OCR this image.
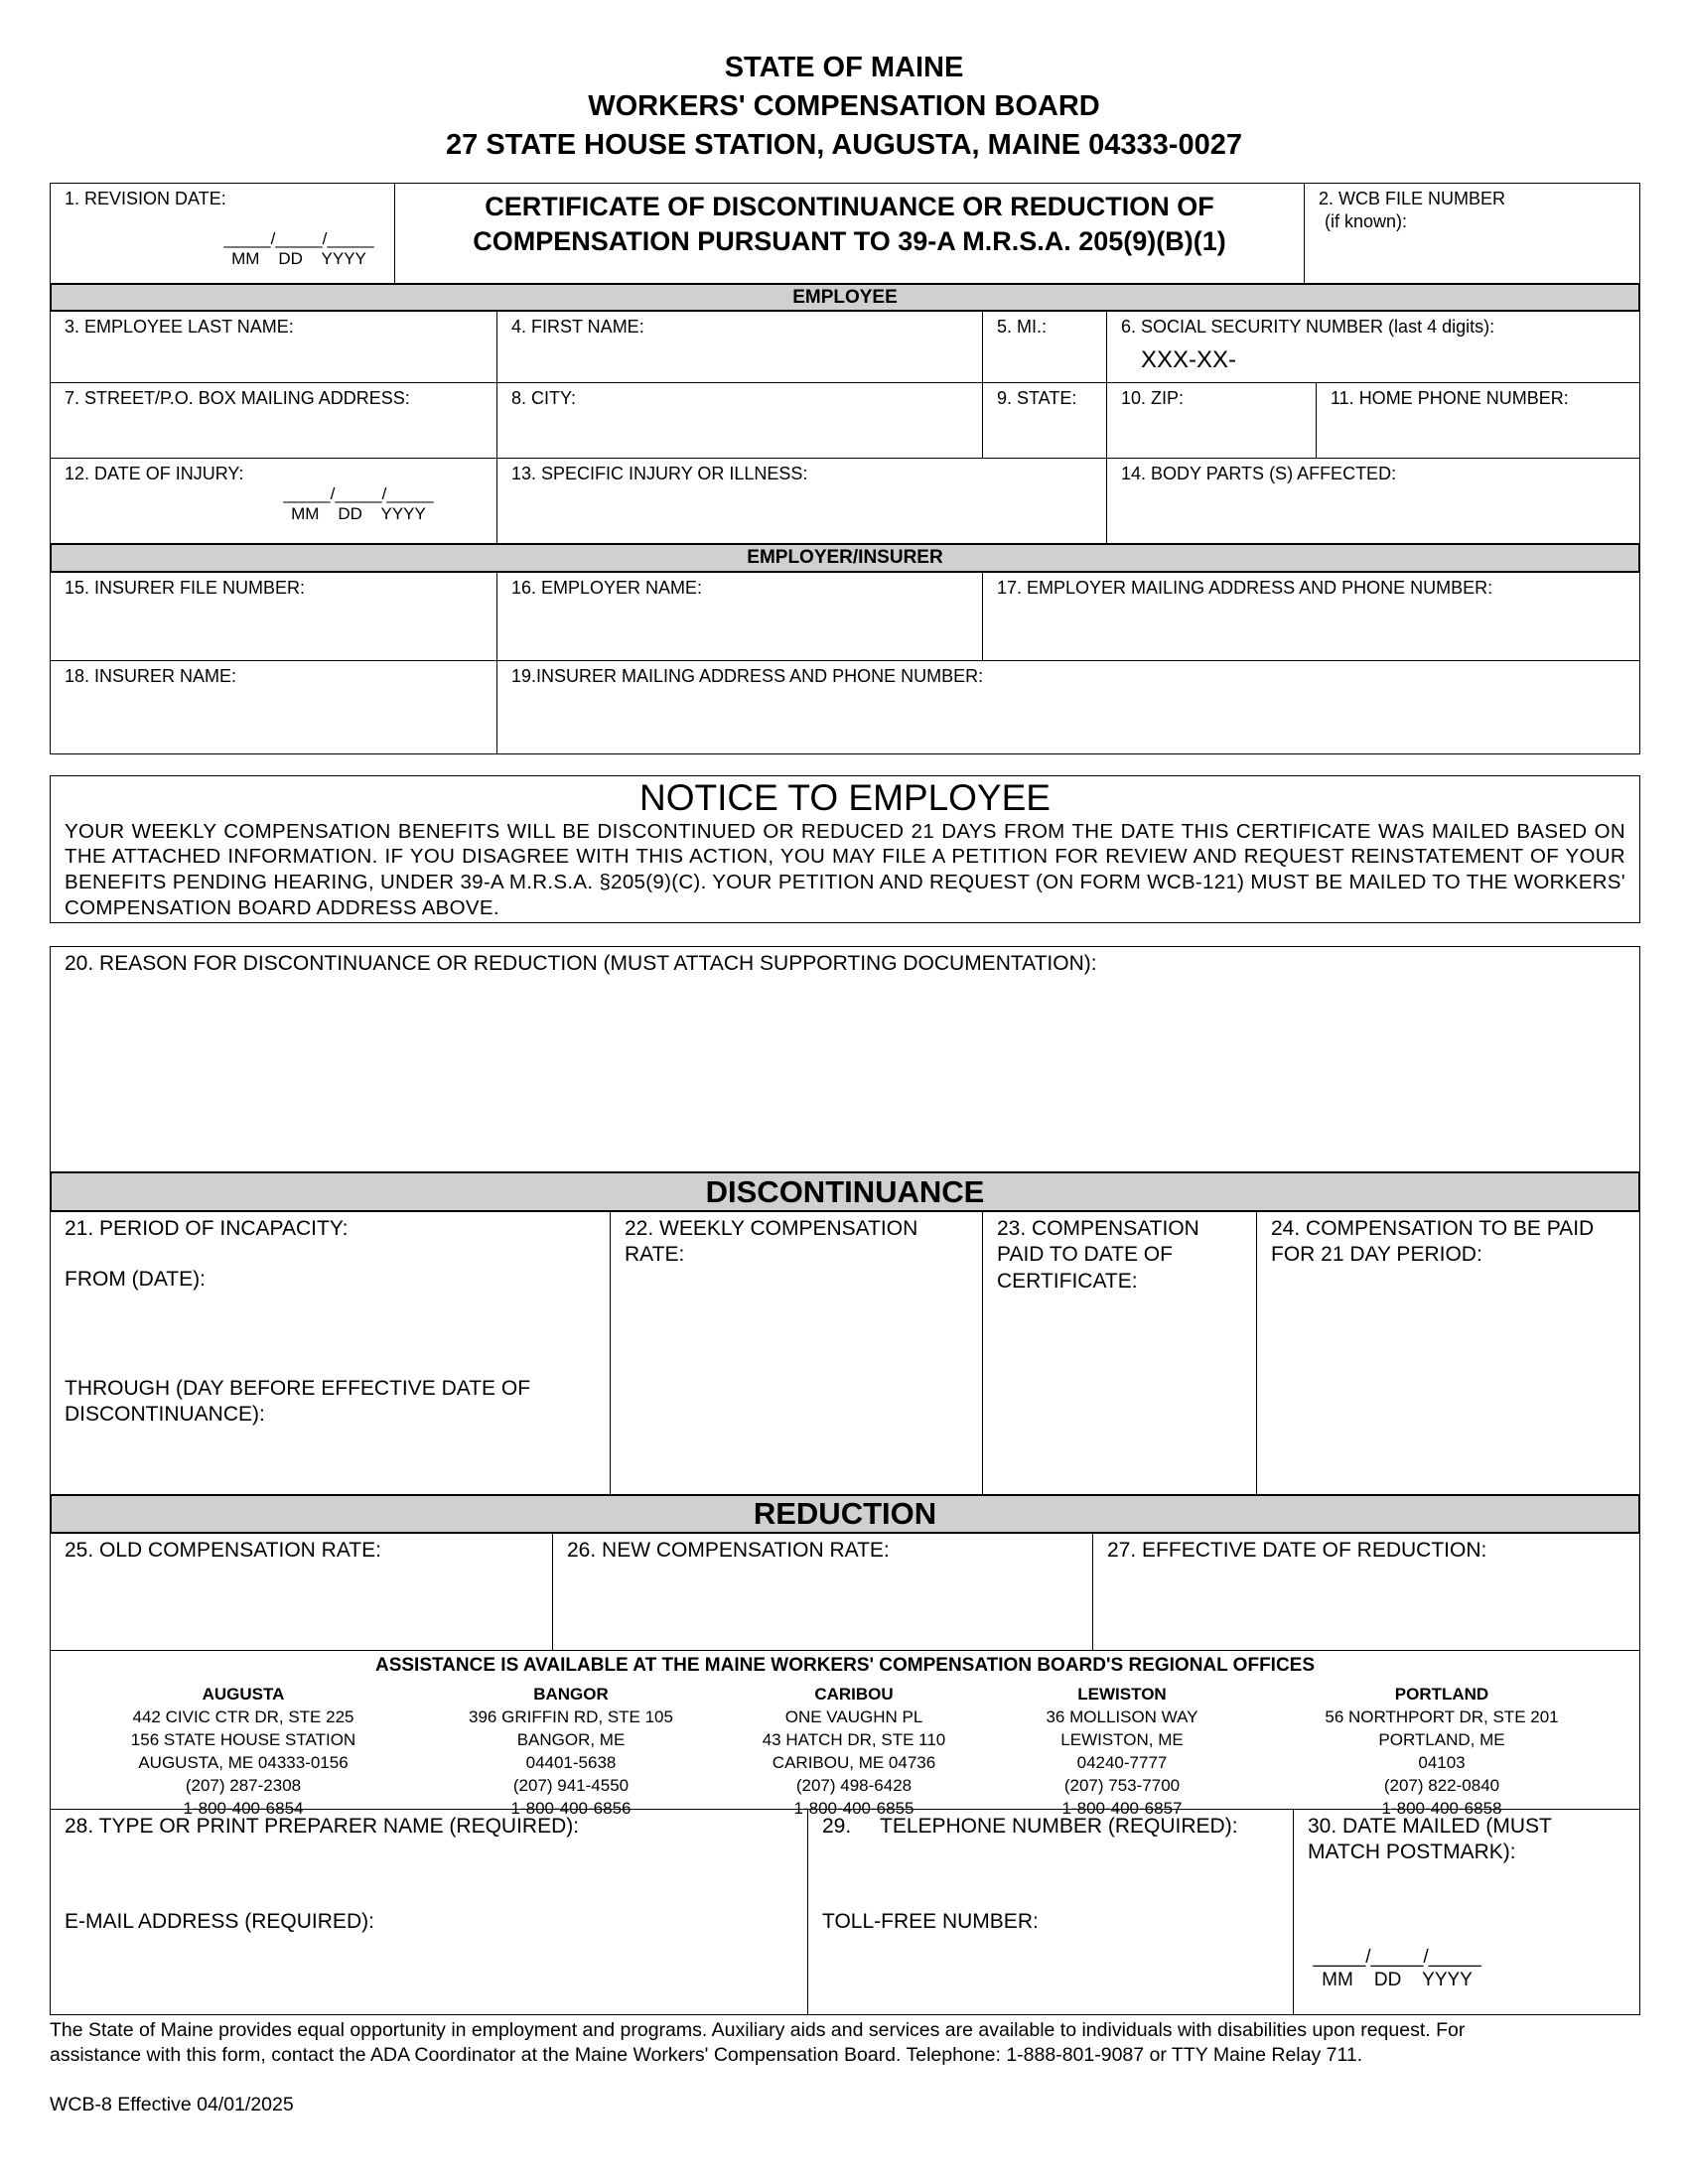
STATE OF MAINE
WORKERS' COMPENSATION BOARD
27 STATE HOUSE STATION, AUGUSTA, MAINE 04333-0027
1. REVISION DATE:
_____/_____/_____
MM    DD    YYYY
CERTIFICATE OF DISCONTINUANCE OR REDUCTION OF
COMPENSATION PURSUANT TO 39-A M.R.S.A. 205(9)(B)(1)
2. WCB FILE NUMBER
(if known):
EMPLOYEE
3. EMPLOYEE LAST NAME:	4. FIRST NAME:	5. MI.:	6. SOCIAL SECURITY NUMBER (last 4 digits):
XXX-XX-
7. STREET/P.O. BOX MAILING ADDRESS:	8. CITY:	9. STATE:	10. ZIP:	11. HOME PHONE NUMBER:
12. DATE OF INJURY:
_____/_____/_____
MM    DD    YYYY
13. SPECIFIC INJURY OR ILLNESS:	14. BODY PARTS (S) AFFECTED:
EMPLOYER/INSURER
15. INSURER FILE NUMBER:	16. EMPLOYER NAME:	17. EMPLOYER MAILING ADDRESS AND PHONE NUMBER:
18. INSURER NAME:	19.INSURER MAILING ADDRESS AND PHONE NUMBER:
NOTICE TO EMPLOYEE
YOUR WEEKLY COMPENSATION BENEFITS WILL BE DISCONTINUED OR REDUCED 21 DAYS FROM THE DATE THIS CERTIFICATE WAS MAILED BASED ON THE ATTACHED INFORMATION. IF YOU DISAGREE WITH THIS ACTION, YOU MAY FILE A PETITION FOR REVIEW AND REQUEST REINSTATEMENT OF YOUR BENEFITS PENDING HEARING, UNDER 39-A M.R.S.A. §205(9)(C). YOUR PETITION AND REQUEST (ON FORM WCB-121) MUST BE MAILED TO THE WORKERS' COMPENSATION BOARD ADDRESS ABOVE.
20. REASON FOR DISCONTINUANCE OR REDUCTION (MUST ATTACH SUPPORTING DOCUMENTATION):
DISCONTINUANCE
21. PERIOD OF INCAPACITY:
FROM (DATE):
THROUGH (DAY BEFORE EFFECTIVE DATE OF DISCONTINUANCE):
22. WEEKLY COMPENSATION RATE:
23. COMPENSATION PAID TO DATE OF CERTIFICATE:
24. COMPENSATION TO BE PAID FOR 21 DAY PERIOD:
REDUCTION
25. OLD COMPENSATION RATE:	26. NEW COMPENSATION RATE:	27. EFFECTIVE DATE OF REDUCTION:
ASSISTANCE IS AVAILABLE AT THE MAINE WORKERS' COMPENSATION BOARD'S REGIONAL OFFICES
AUGUSTA
442 CIVIC CTR DR, STE 225
156 STATE HOUSE STATION
AUGUSTA, ME 04333-0156
(207) 287-2308
1-800-400-6854
BANGOR
396 GRIFFIN RD, STE 105
BANGOR, ME
04401-5638
(207) 941-4550
1-800-400-6856
CARIBOU
ONE VAUGHN PL
43 HATCH DR, STE 110
CARIBOU, ME 04736
(207) 498-6428
1-800-400-6855
LEWISTON
36 MOLLISON WAY
LEWISTON, ME
04240-7777
(207) 753-7700
1-800-400-6857
PORTLAND
56 NORTHPORT DR, STE 201
PORTLAND, ME
04103
(207) 822-0840
1-800-400-6858
28. TYPE OR PRINT PREPARER NAME (REQUIRED):
E-MAIL ADDRESS (REQUIRED):
29.     TELEPHONE NUMBER (REQUIRED):
TOLL-FREE NUMBER:
30. DATE MAILED (MUST MATCH POSTMARK):
_____/_____/_____
MM    DD    YYYY
The State of Maine provides equal opportunity in employment and programs. Auxiliary aids and services are available to individuals with disabilities upon request. For assistance with this form, contact the ADA Coordinator at the Maine Workers' Compensation Board. Telephone: 1-888-801-9087 or TTY Maine Relay 711.
WCB-8 Effective 04/01/2025
